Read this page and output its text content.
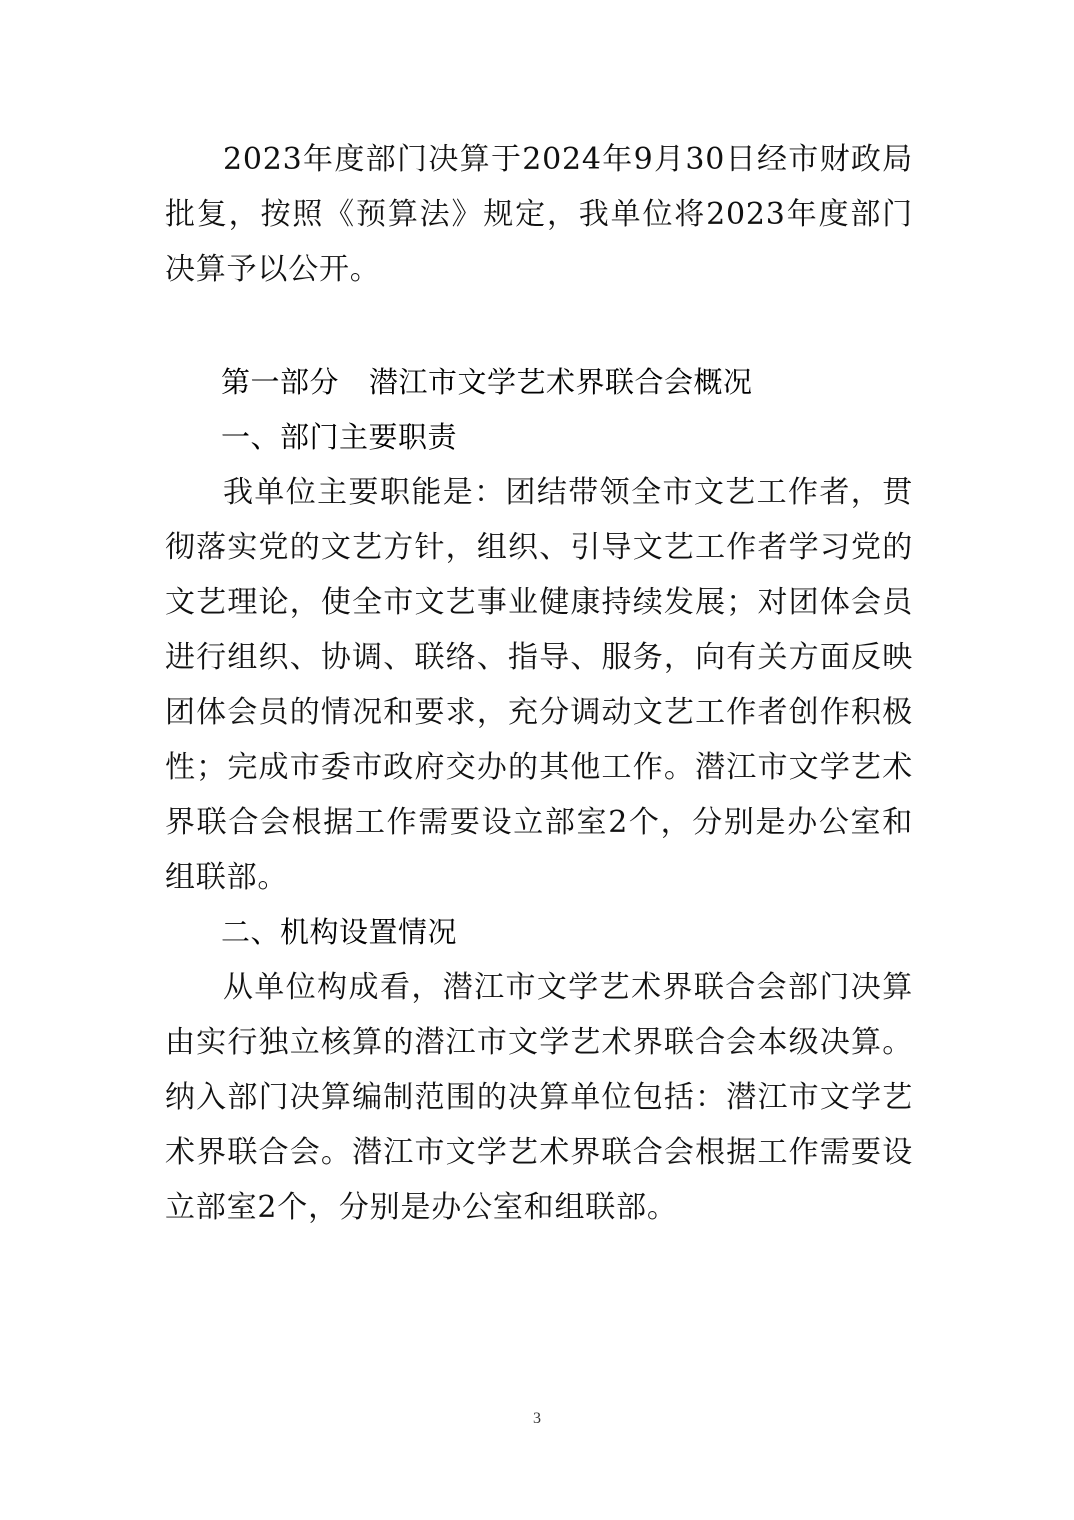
2023年度部门决算于2024年9月30日经市财政局批复，按照《预算法》规定，我单位将2023年度部门决算予以公开。

第一部分 潜江市文学艺术界联合会概况

一、部门主要职责

我单位主要职能是：团结带领全市文艺工作者，贯彻落实党的文艺方针，组织、引导文艺工作者学习党的文艺理论，使全市文艺事业健康持续发展；对团体会员进行组织、协调、联络、指导、服务，向有关方面反映团体会员的情况和要求，充分调动文艺工作者创作积极性；完成市委市政府交办的其他工作。潜江市文学艺术界联合会根据工作需要设立部室2个，分别是办公室和组联部。

二、机构设置情况

从单位构成看，潜江市文学艺术界联合会部门决算由实行独立核算的潜江市文学艺术界联合会本级决算。纳入部门决算编制范围的决算单位包括：潜江市文学艺术界联合会。潜江市文学艺术界联合会根据工作需要设立部室2个，分别是办公室和组联部。

3
